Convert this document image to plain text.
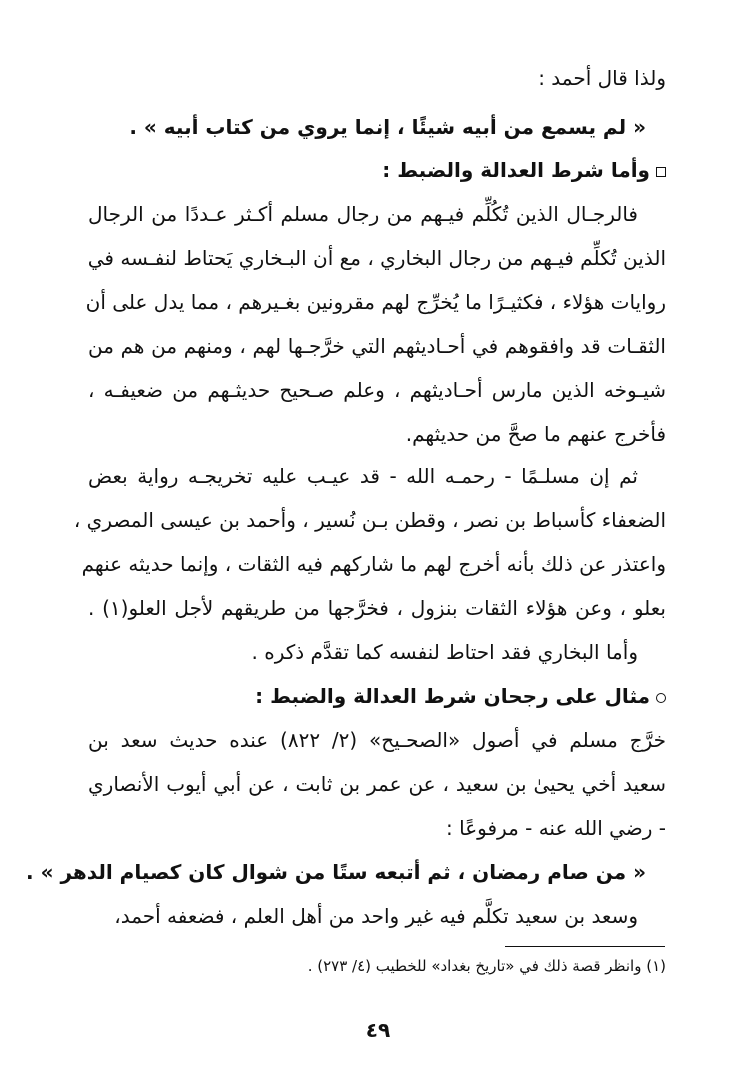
ولذا قال أحمد :
« لم يسمع من أبيه شيئًا ، إنما يروي من كتاب أبيه » .
وأما شرط العدالة والضبط :
فالرجـال الذين تُكُلِّم فيـهم من رجال مسلم أكـثر عـددًا من الرجال
الذين تُكلِّم فيـهم من رجال البخاري ، مع أن البـخاري يَحتاط لنفـسه في
روايات هؤلاء ، فكثيـرًا ما يُخرِّج لهم مقرونين بغـيرهم ، مما يدل على أن
الثقـات قد وافقوهم في أحـاديثهم التي خرَّجـها لهم ، ومنهم من هم من
شيـوخه الذين مارس أحـاديثهم ، وعلم صـحيح حديثـهم من ضعيفـه ،
فأخرج عنهم ما صحَّ من حديثهم.
ثم إن مسلـمًا - رحمـه الله - قد عيـب عليه تخريجـه رواية بعض
الضعفاء كأسباط بن نصر ، وقطن بـن نُسير ، وأحمد بن عيسى المصري ،
واعتذر عن ذلك بأنه أخرج لهم ما شاركهم فيه الثقات ، وإنما حديثه عنهم
بعلو ، وعن هؤلاء الثقات بنزول ، فخرَّجها من طريقهم لأجل العلو(١) .
وأما البخاري فقد احتاط لنفسه كما تقدَّم ذكره .
مثال على رجحان شرط العدالة والضبط :
خرَّج مسلم في أصول «الصحـيح» (٢/ ٨٢٢) عنده حديث سعد بن
سعيد أخي يحيىٰ بن سعيد ، عن عمر بن ثابت ، عن أبي أيوب الأنصاري
- رضي الله عنه - مرفوعًا :
« من صام رمضان ، ثم أتبعه ستًا من شوال كان كصيام الدهر » .
وسعد بن سعيد تكلَّم فيه غير واحد من أهل العلم ، فضعفه أحمد،
(١) وانظر قصة ذلك في «تاريخ بغداد» للخطيب (٤/ ٢٧٣) .
٤٩
